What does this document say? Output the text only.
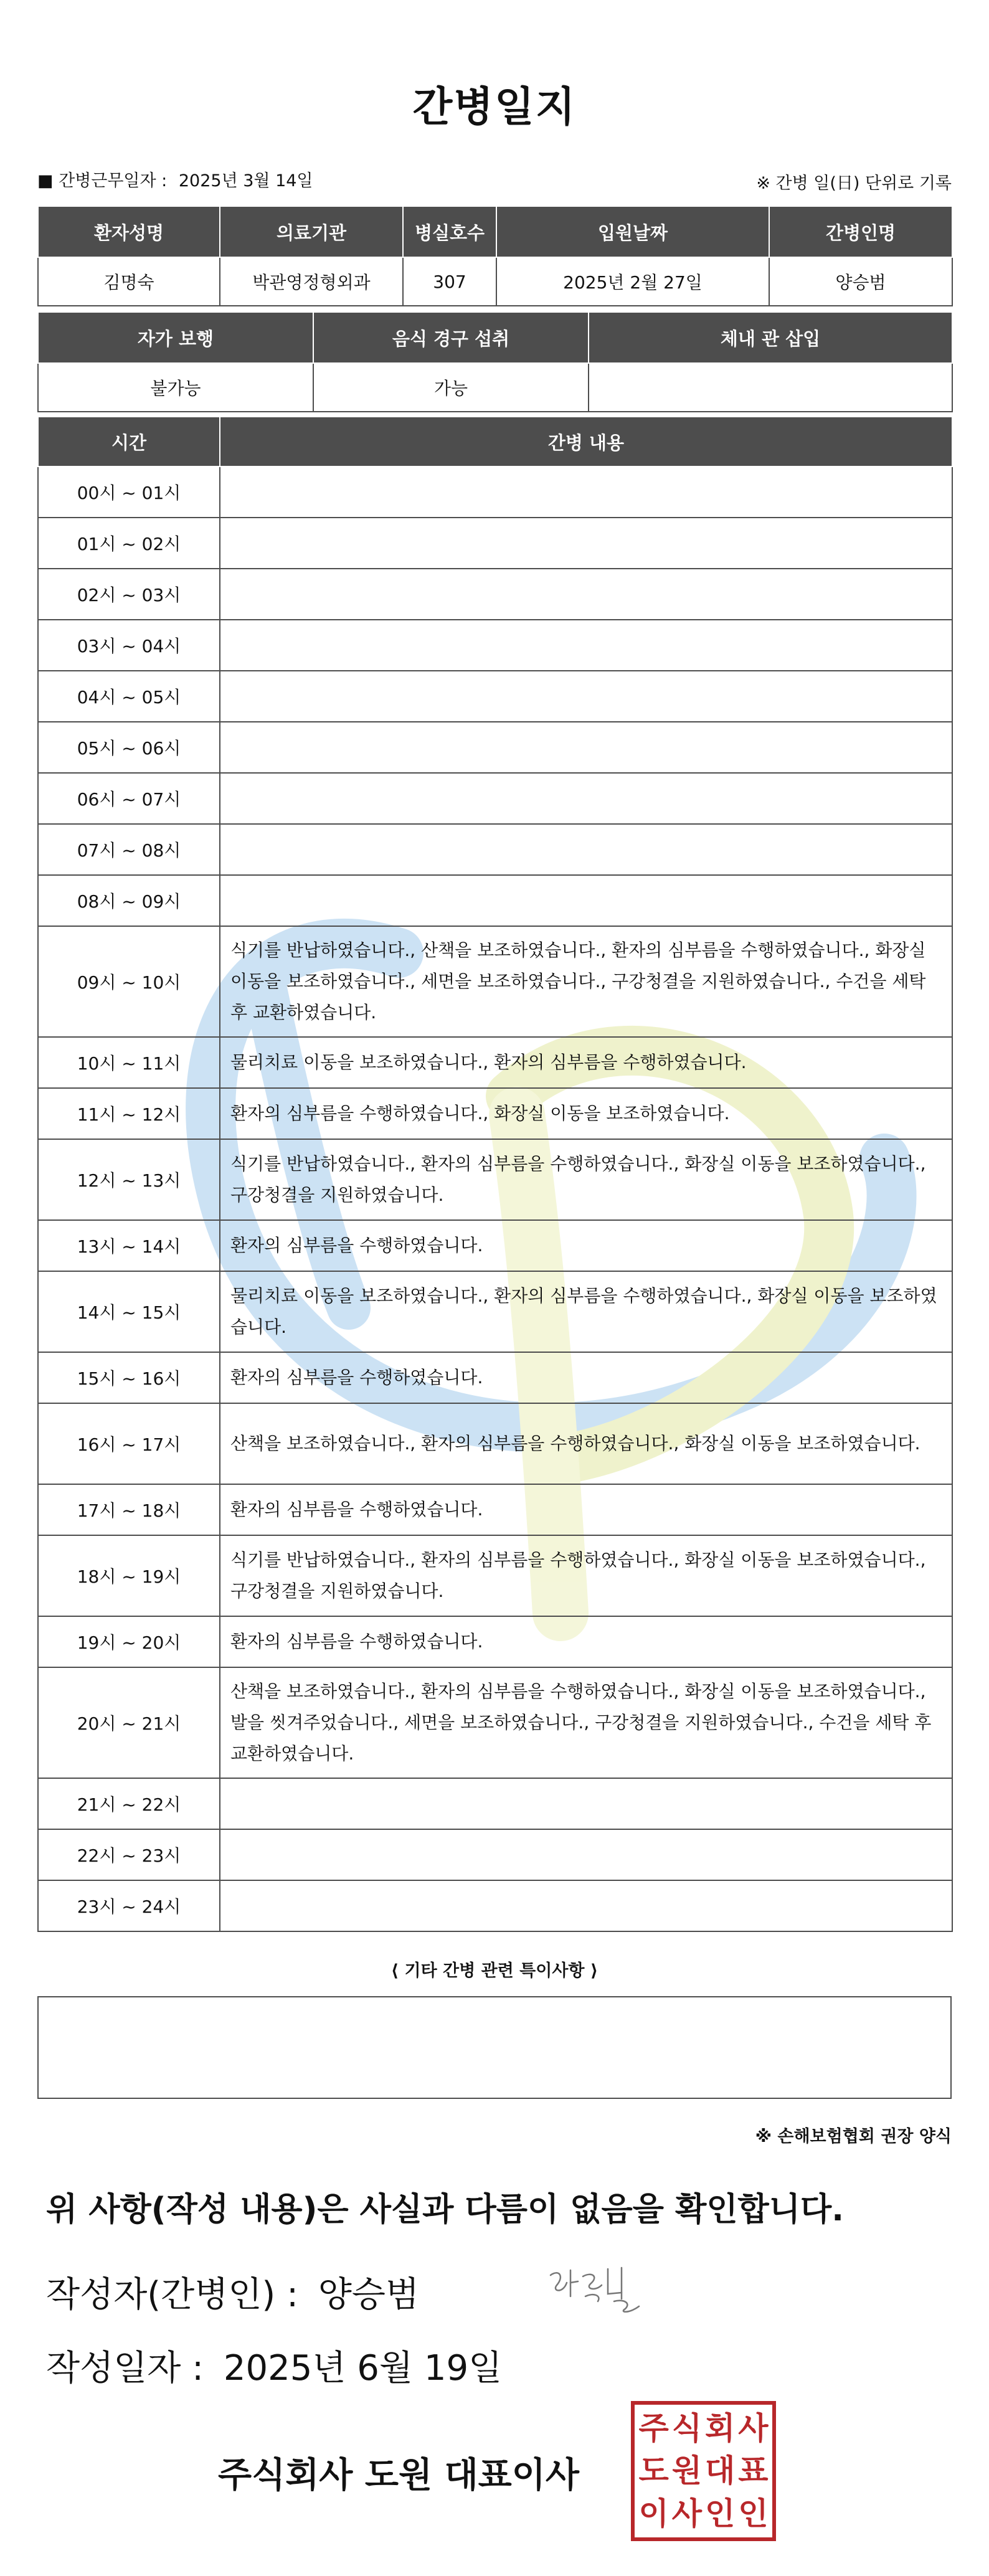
간병일지
■ 간병근무일자 : 2025년 3월 14일	※ 간병 일(日) 단위로 기록
환자성명	의료기관	병실호수	입원날짜	간병인명
김명숙	박관영정형외과	307	2025년 2월 27일	양승범
자가 보행	음식 경구 섭취	체내 관 삽입
불가능	가능	
시간	간병 내용
00시 ~ 01시	
01시 ~ 02시	
02시 ~ 03시	
03시 ~ 04시	
04시 ~ 05시	
05시 ~ 06시	
06시 ~ 07시	
07시 ~ 08시	
08시 ~ 09시	
09시 ~ 10시	식기를 반납하였습니다., 산책을 보조하였습니다., 환자의 심부름을 수행하였습니다., 화장실 이동을 보조하였습니다., 세면을 보조하였습니다., 구강청결을 지원하였습니다., 수건을 세탁 후 교환하였습니다.
10시 ~ 11시	물리치료 이동을 보조하였습니다., 환자의 심부름을 수행하였습니다.
11시 ~ 12시	환자의 심부름을 수행하였습니다., 화장실 이동을 보조하였습니다.
12시 ~ 13시	식기를 반납하였습니다., 환자의 심부름을 수행하였습니다., 화장실 이동을 보조하였습니다., 구강청결을 지원하였습니다.
13시 ~ 14시	환자의 심부름을 수행하였습니다.
14시 ~ 15시	물리치료 이동을 보조하였습니다., 환자의 심부름을 수행하였습니다., 화장실 이동을 보조하였습니다.
15시 ~ 16시	환자의 심부름을 수행하였습니다.
16시 ~ 17시	산책을 보조하였습니다., 환자의 심부름을 수행하였습니다., 화장실 이동을 보조하였습니다.
17시 ~ 18시	환자의 심부름을 수행하였습니다.
18시 ~ 19시	식기를 반납하였습니다., 환자의 심부름을 수행하였습니다., 화장실 이동을 보조하였습니다., 구강청결을 지원하였습니다.
19시 ~ 20시	환자의 심부름을 수행하였습니다.
20시 ~ 21시	산책을 보조하였습니다., 환자의 심부름을 수행하였습니다., 화장실 이동을 보조하였습니다., 발을 씻겨주었습니다., 세면을 보조하였습니다., 구강청결을 지원하였습니다., 수건을 세탁 후 교환하였습니다.
21시 ~ 22시	
22시 ~ 23시	
23시 ~ 24시	
⟨ 기타 간병 관련 특이사항 ⟩
※ 손해보험협회 권장 양식
위 사항(작성 내용)은 사실과 다름이 없음을 확인합니다.
작성자(간병인) : 양승범
작성일자 : 2025년 6월 19일
주식회사 도원 대표이사
주 식 회 사
도 원 대 표
이 사 인 인
